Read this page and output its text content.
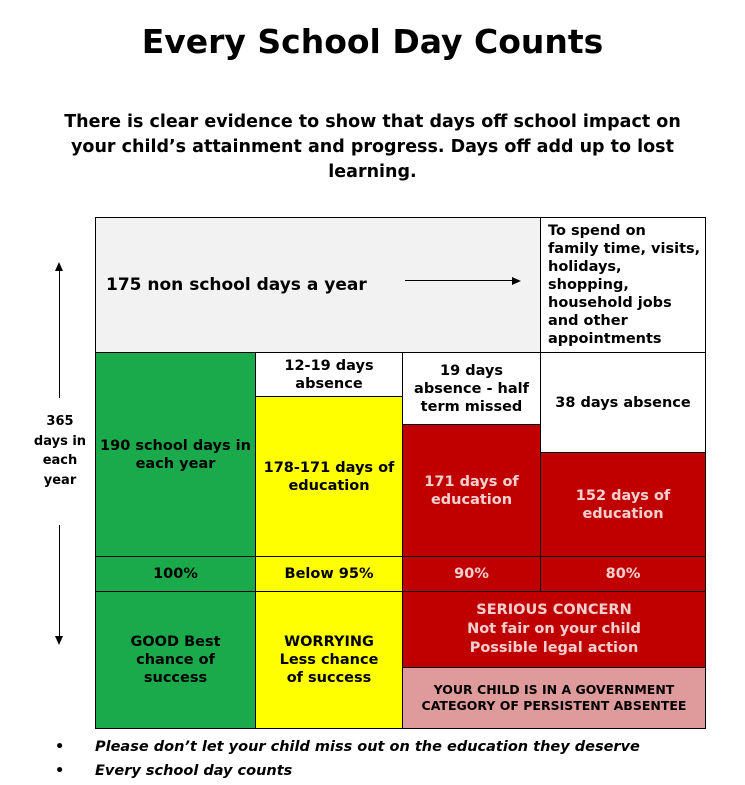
Every School Day Counts

There is clear evidence to show that days off school impact on your child’s attainment and progress. Days off add up to lost learning.

365 days in each year
175 non school days a year
To spend on family time, visits, holidays, shopping, household jobs and other appointments
190 school days in each year
12-19 days absence
178-171 days of education
19 days absence - half term missed
171 days of education
38 days absence
152 days of education
100%	Below 95%	90%	80%
GOOD Best chance of success
WORRYING Less chance of success
SERIOUS CONCERN
Not fair on your child
Possible legal action
YOUR CHILD IS IN A GOVERNMENT CATEGORY OF PERSISTENT ABSENTEE
• Please don’t let your child miss out on the education they deserve
• Every school day counts
